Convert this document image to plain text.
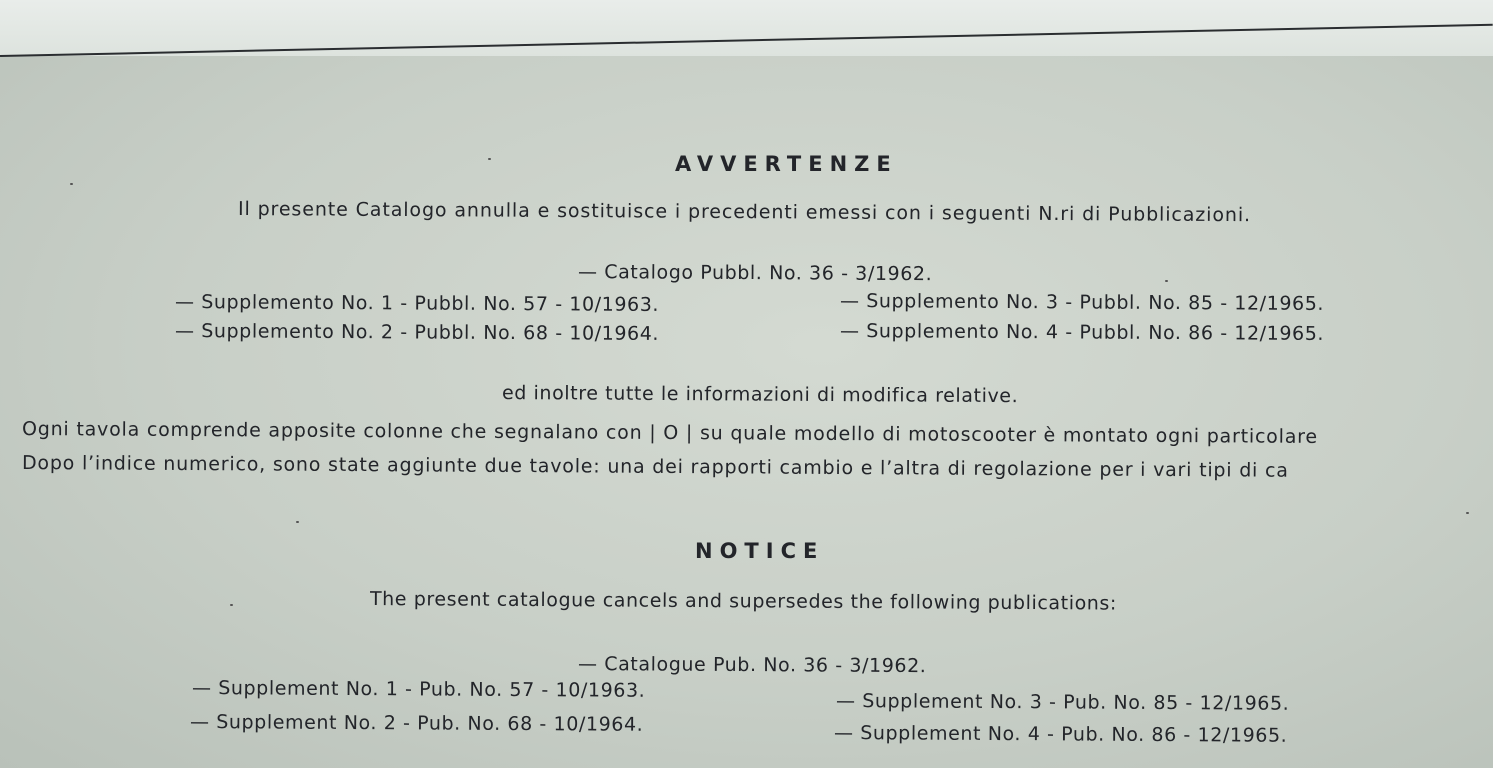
AVVERTENZE
Il presente Catalogo annulla e sostituisce i precedenti emessi con i seguenti N.ri di Pubblicazioni.
— Catalogo Pubbl. No. 36 - 3/1962.
— Supplemento No. 1 - Pubbl. No. 57 - 10/1963.
— Supplemento No. 2 - Pubbl. No. 68 - 10/1964.
— Supplemento No. 3 - Pubbl. No. 85 - 12/1965.
— Supplemento No. 4 - Pubbl. No. 86 - 12/1965.
ed inoltre tutte le informazioni di modifica relative.
Ogni tavola comprende apposite colonne che segnalano con | O | su quale modello di motoscooter è montato ogni particolare
Dopo l’indice numerico, sono state aggiunte due tavole: una dei rapporti cambio e l’altra di regolazione per i vari tipi di ca
NOTICE
The present catalogue cancels and supersedes the following publications:
— Catalogue Pub. No. 36 - 3/1962.
— Supplement No. 1 - Pub. No. 57 - 10/1963.
— Supplement No. 2 - Pub. No. 68 - 10/1964.
— Supplement No. 3 - Pub. No. 85 - 12/1965.
— Supplement No. 4 - Pub. No. 86 - 12/1965.
